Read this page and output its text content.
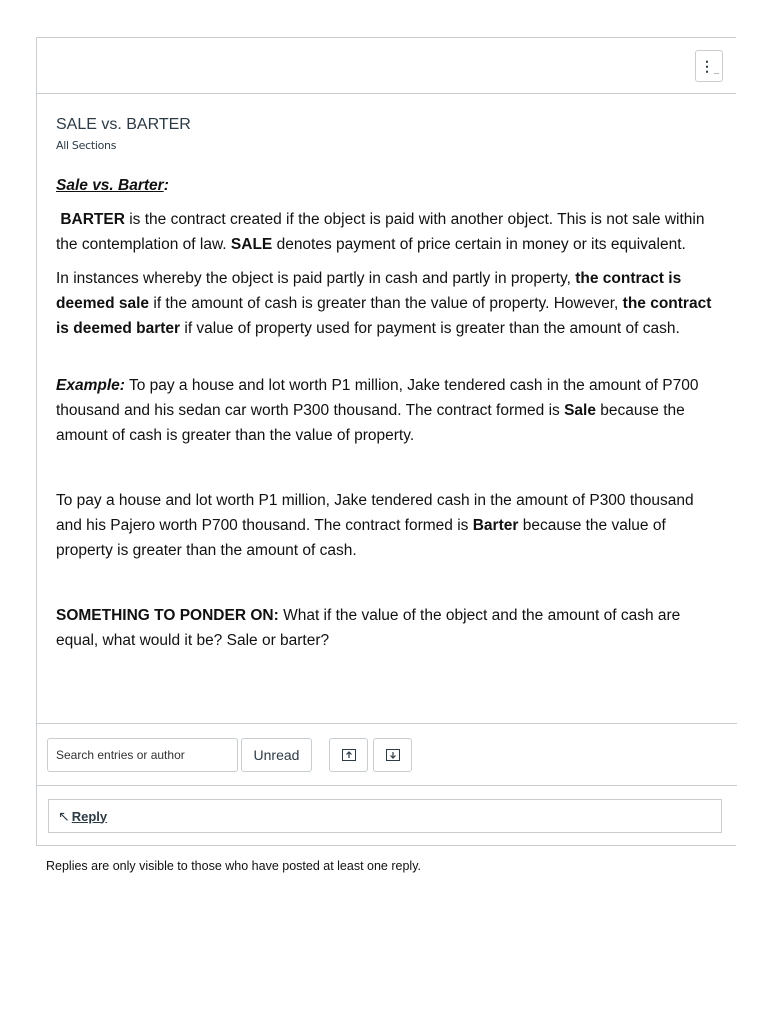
⋮ _
SALE vs. BARTER
All Sections

Sale vs. Barter:

BARTER is the contract created if the object is paid with another object. This is not sale within the contemplation of law. SALE denotes payment of price certain in money or its equivalent.

In instances whereby the object is paid partly in cash and partly in property, the contract is deemed sale if the amount of cash is greater than the value of property. However, the contract is deemed barter if value of property used for payment is greater than the amount of cash.

Example: To pay a house and lot worth P1 million, Jake tendered cash in the amount of P700 thousand and his sedan car worth P300 thousand. The contract formed is Sale because the amount of cash is greater than the value of property.

To pay a house and lot worth P1 million, Jake tendered cash in the amount of P300 thousand and his Pajero worth P700 thousand. The contract formed is Barter because the value of property is greater than the amount of cash.

SOMETHING TO PONDER ON: What if the value of the object and the amount of cash are equal, what would it be? Sale or barter?

Search entries or author
Unread
↖ Reply
Replies are only visible to those who have posted at least one reply.
